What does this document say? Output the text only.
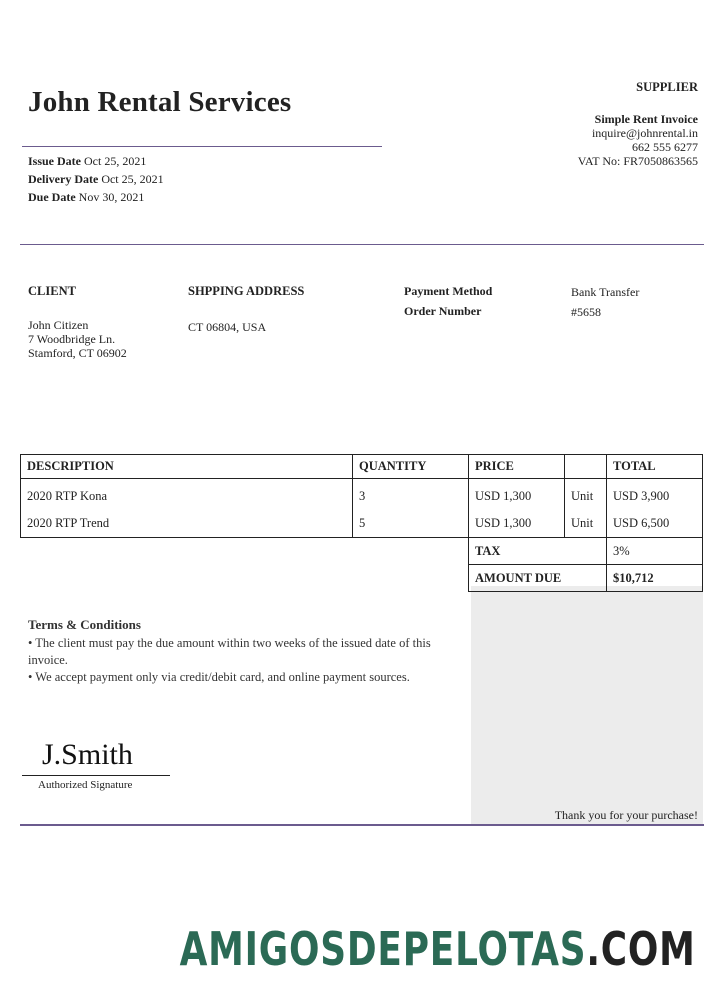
John Rental Services
Issue Date Oct 25, 2021
Delivery Date Oct 25, 2021
Due Date Nov 30, 2021
SUPPLIER
Simple Rent Invoice
inquire@johnrental.in
662 555 6277
VAT No: FR7050863565
CLIENT
John Citizen
7 Woodbridge Ln.
Stamford, CT 06902
SHPPING ADDRESS
CT 06804, USA
Payment Method	Bank Transfer
Order Number	#5658
DESCRIPTION	QUANTITY	PRICE		TOTAL
2020 RTP Kona	3	USD 1,300	Unit	USD 3,900
2020 RTP Trend	5	USD 1,300	Unit	USD 6,500
		TAX		3%
		AMOUNT DUE		$10,712
Terms & Conditions
• The client must pay the due amount within two weeks of the issued date of this invoice.
• We accept payment only via credit/debit card, and online payment sources.
J.Smith
Authorized Signature
Thank you for your purchase!
AMIGOSDEPELOTAS.COM
